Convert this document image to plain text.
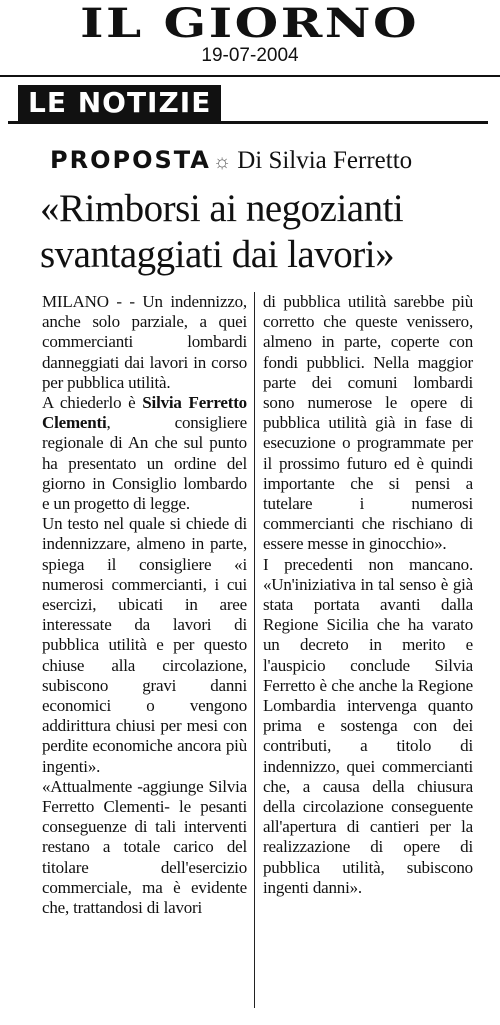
IL GIORNO
19-07-2004
LE NOTIZIE
PROPOSTA ☼ Di Silvia Ferretto
«Rimborsi ai negozianti
svantaggiati dai lavori»
MILANO - - Un indennizzo, anche solo parziale, a quei commercianti lombardi danneggiati dai lavori in corso per pubblica utilità.
A chiederlo è Silvia Ferretto Clementi, consigliere regionale di An che sul punto ha presentato un ordine del giorno in Consiglio lombardo e un progetto di legge.
Un testo nel quale si chiede di indennizzare, almeno in parte, spiega il consigliere «i numerosi commercianti, i cui esercizi, ubicati in aree interessate da lavori di pubblica utilità e per questo chiuse alla circolazione, subiscono gravi danni economici o vengono addirittura chiusi per mesi con perdite economiche ancora più ingenti».
«Attualmente -aggiunge Silvia Ferretto Clementi- le pesanti conseguenze di tali interventi restano a totale carico del titolare dell'esercizio commerciale, ma è evidente che, trattandosi di lavori
di pubblica utilità sarebbe più corretto che queste venissero, almeno in parte, coperte con fondi pubblici. Nella maggior parte dei comuni lombardi sono numerose le opere di pubblica utilità già in fase di esecuzione o programmate per il prossimo futuro ed è quindi importante che si pensi a tutelare i numerosi commercianti che rischiano di essere messe in ginocchio».
I precedenti non mancano. «Un'iniziativa in tal senso è già stata portata avanti dalla Regione Sicilia che ha varato un decreto in merito e l'auspicio conclude Silvia Ferretto è che anche la Regione Lombardia intervenga quanto prima e sostenga con dei contributi, a titolo di indennizzo, quei commercianti che, a causa della chiusura della circolazione conseguente all'apertura di cantieri per la realizzazione di opere di pubblica utilità, subiscono ingenti danni».
